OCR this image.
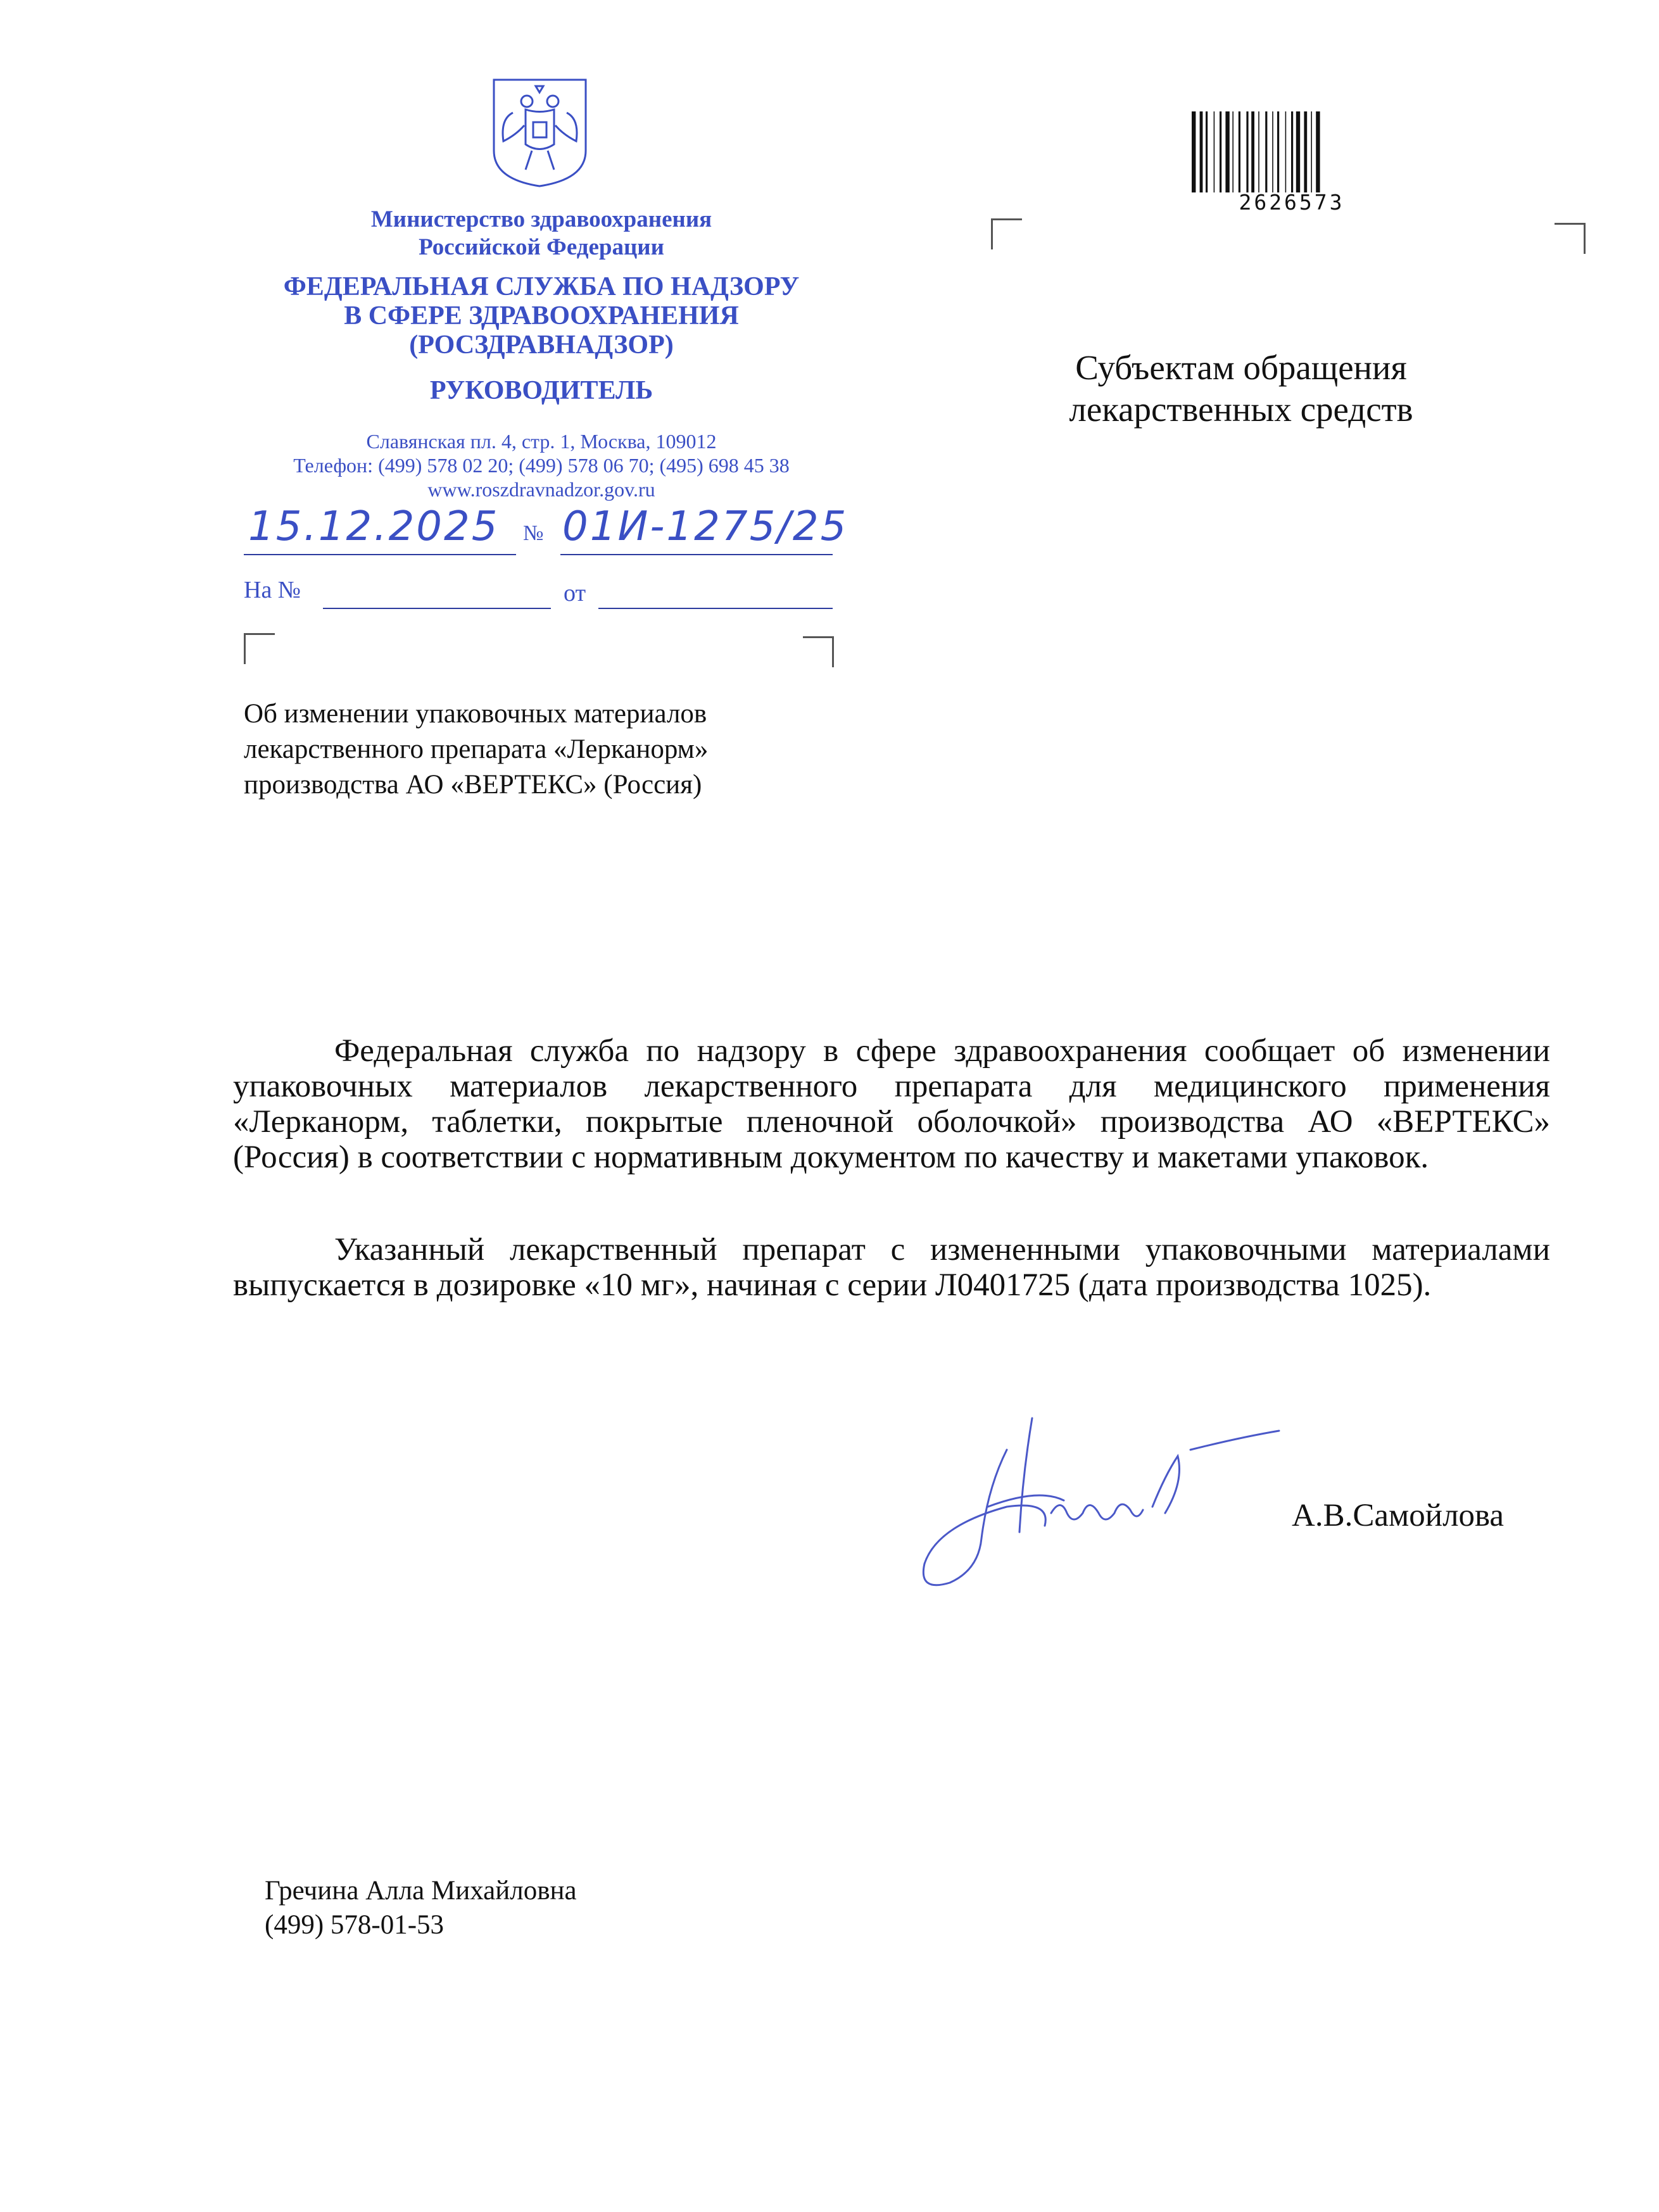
Министерство здравоохранения
Российской Федерации
ФЕДЕРАЛЬНАЯ СЛУЖБА ПО НАДЗОРУ
В СФЕРЕ ЗДРАВООХРАНЕНИЯ
(РОСЗДРАВНАДЗОР)
РУКОВОДИТЕЛЬ
Славянская пл. 4, стр. 1, Москва, 109012
Телефон: (499) 578 02 20; (499) 578 06 70; (495) 698 45 38
www.roszdravnadzor.gov.ru
15.12.2025 № 01И-1275/25
На №	от
2626573
Субъектам обращения
лекарственных средств
Об изменении упаковочных материалов
лекарственного препарата «Лерканорм»
производства АО «ВЕРТЕКС» (Россия)

Федеральная служба по надзору в сфере здравоохранения сообщает об изменении упаковочных материалов лекарственного препарата для медицинского применения «Лерканорм, таблетки, покрытые пленочной оболочкой» производства АО «ВЕРТЕКС» (Россия) в соответствии с нормативным документом по качеству и макетами упаковок.

Указанный лекарственный препарат с измененными упаковочными материалами выпускается в дозировке «10 мг», начиная с серии Л0401725 (дата производства 1025).

А.В.Самойлова
Гречина Алла Михайловна
(499) 578-01-53
